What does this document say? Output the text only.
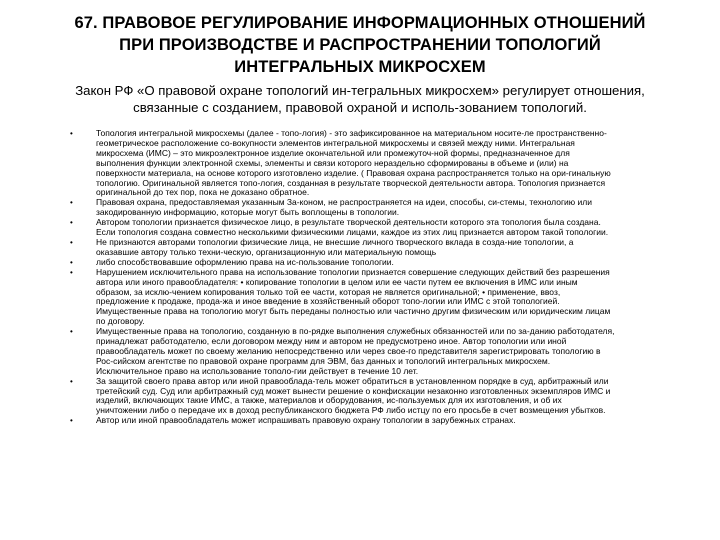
67. ПРАВОВОЕ РЕГУЛИРОВАНИЕ ИНФОРМАЦИОННЫХ ОТНОШЕНИЙ
ПРИ ПРОИЗВОДСТВЕ И РАСПРОСТРАНЕНИИ ТОПОЛОГИЙ
ИНТЕГРАЛЬНЫХ МИКРОСХЕМ
Закон РФ «О правовой охране топологий ин-тегральных микросхем» регулирует отношения,
связанные с созданием, правовой охраной и исполь-зованием топологий.
•	Топология интегральной микросхемы (далее - топо-логия) - это зафиксированное на материальном носите-ле пространственно-
геометрическое расположение со-вокупности элементов интегральной микросхемы и связей между ними. Интегральная
микросхема (ИМС) – это микроэлектронное изделие окончательной или промежуточ-ной формы, предназначенное для
выполнения функции электронной схемы, элементы и связи которого нераздельно сформированы в объеме и (или) на
поверхности материала, на основе которого изготовлено изделие. ( Правовая охрана распространяется только на ори-гинальную
топологию. Оригинальной является топо-логия, созданная в результате творческой деятельности автора. Топология признается
оригинальной до тех пор, пока не доказано обратное.
•	Правовая охрана, предоставляемая указанным За-коном, не распространяется на идеи, способы, си-стемы, технологию или
закодированную информацию, которые могут быть воплощены в топологии.
•	Автором топологии признается физическое лицо, в результате творческой деятельности которого эта топология была создана.
Если топология создана совместно несколькими физическими лицами, каждое из этих лиц признается автором такой топологии.
•	Не признаются авторами топологии физические лица, не внесшие личного творческого вклада в созда-ние топологии, а
оказавшие автору только техни-ческую, организационную или материальную помощь
•	либо способствовавшие оформлению права на ис-пользование топологии.
•	Нарушением исключительного права на использование топологии признается совершение следующих действий без разрешения
автора или иного правообладателя: • копирование топологии в целом или ее части путем ее включения в ИМС или иным
образом, за исклю-чением копирования только той ее части, которая не является оригинальной; • применение, ввоз,
предложение к продаже, прода-жа и иное введение в хозяйственный оборот топо-логии или ИМС с этой топологией.
Имущественные права на топологию могут быть переданы полностью или частично другим физическим или юридическим лицам
по договору.
•	Имущественные права на топологию, созданную в по-рядке выполнения служебных обязанностей или по за-данию работодателя,
принадлежат работодателю, если договором между ним и автором не предусмотрено иное. Автор топологии или иной
правообладатель может по своему желанию непосредственно или через свое-го представителя зарегистрировать топологию в
Рос-сийском агентстве по правовой охране программ для ЭВМ, баз данных и топологий интегральных микросхем.
Исключительное право на использование тополо-гии действует в течение 10 лет.
•	За защитой своего права автор или иной правооблада-тель может обратиться в установленном порядке в суд, арбитражный или
третейский суд. Суд или арбитражный суд может вынести решение о конфискации незаконно изготовленных экземпляров ИМС и
изделий, включающих такие ИМС, а также, материалов и оборудования, ис-пользуемых для их изготовления, и об их
уничтожении либо о передаче их в доход республиканского бюджета РФ либо истцу по его просьбе в счет возмещения убытков.
•	Автор или иной правообладатель может испрашивать правовую охрану топологии в зарубежных странах.
